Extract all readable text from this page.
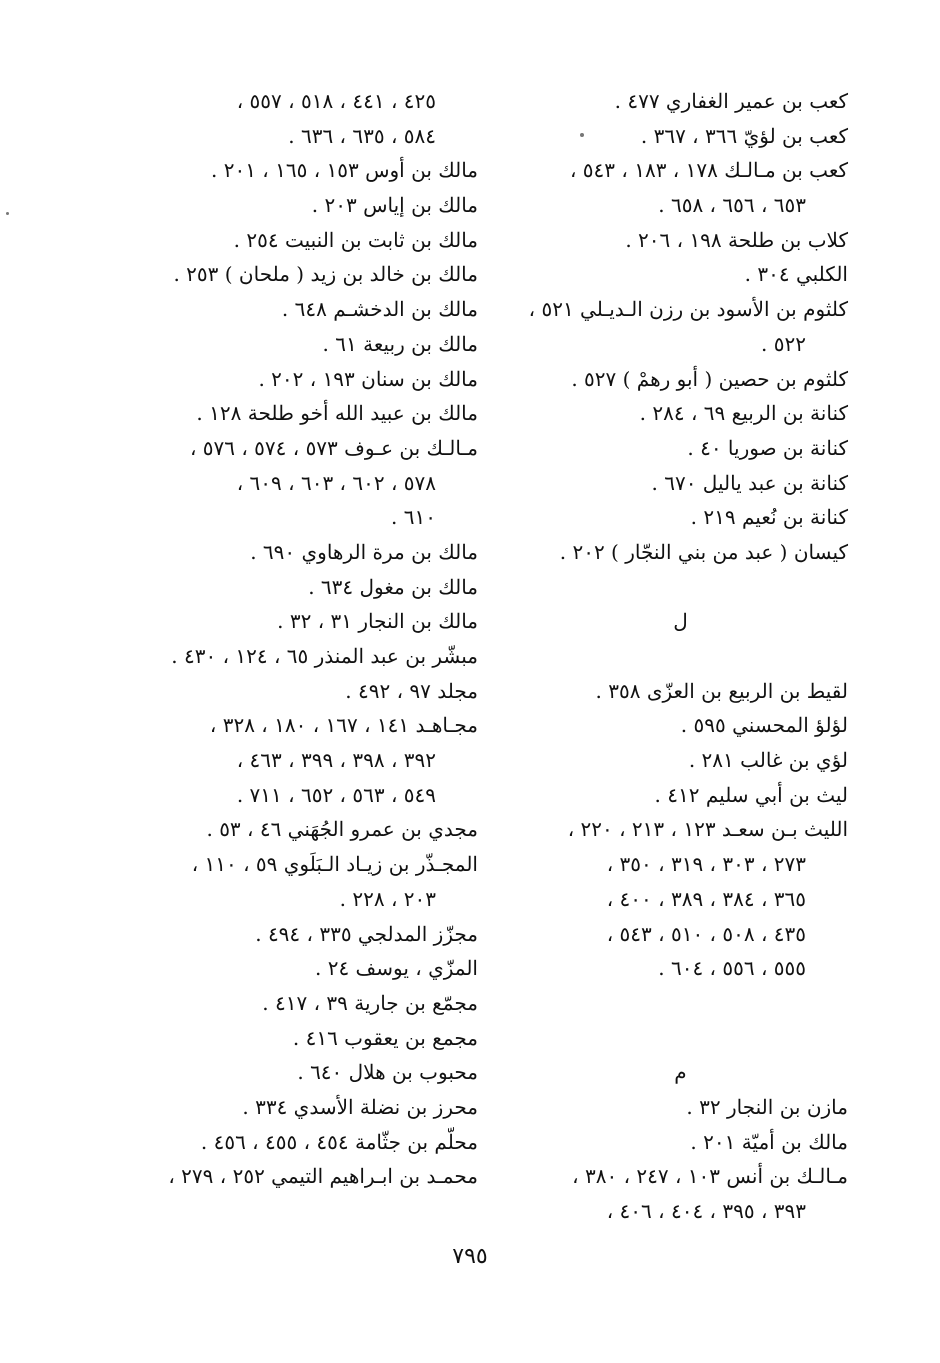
كعب بن عمير الغفاري ٤٧٧ .
كعب بن لؤيّ ٣٦٦ ، ٣٦٧ .
كعب بن مـالـك ١٧٨ ، ١٨٣ ، ٥٤٣ ،
٦٥٣ ، ٦٥٦ ، ٦٥٨ .
كلاب بن طلحة ١٩٨ ، ٢٠٦ .
الكلبي ٣٠٤ .
كلثوم بن الأسود بن رزن الـديـلي ٥٢١ ،
٥٢٢ .
كلثوم بن حصين ( أبو رهمْ ) ٥٢٧ .
كنانة بن الربيع ٦٩ ، ٢٨٤ .
كنانة بن صوريا ٤٠ .
كنانة بن عبد ياليل ٦٧٠ .
كنانة بن نُعيم ٢١٩ .
كيسان ( عبد من بني النجّار ) ٢٠٢ .
ل
لقيط بن الربيع بن العزّى ٣٥٨ .
لؤلؤ المحسني ٥٩٥ .
لؤي بن غالب ٢٨١ .
ليث بن أبي سليم ٤١٢ .
الليث بـن سعـد ١٢٣ ، ٢١٣ ، ٢٢٠ ،
٢٧٣ ، ٣٠٣ ، ٣١٩ ، ٣٥٠ ،
٣٦٥ ، ٣٨٤ ، ٣٨٩ ، ٤٠٠ ،
٤٣٥ ، ٥٠٨ ، ٥١٠ ، ٥٤٣ ،
٥٥٥ ، ٥٥٦ ، ٦٠٤ .
م
مازن بن النجار ٣٢ .
مالك بن أميّة ٢٠١ .
مـالـك بن أنس ١٠٣ ، ٢٤٧ ، ٣٨٠ ،
٣٩٣ ، ٣٩٥ ، ٤٠٤ ، ٤٠٦ ،
٤٢٥ ، ٤٤١ ، ٥١٨ ، ٥٥٧ ،
٥٨٤ ، ٦٣٥ ، ٦٣٦ .
مالك بن أوس ١٥٣ ، ١٦٥ ، ٢٠١ .
مالك بن إياس ٢٠٣ .
مالك بن ثابت بن النبيت ٢٥٤ .
مالك بن خالد بن زيد ( ملحان ) ٢٥٣ .
مالك بن الدخشـم ٦٤٨ .
مالك بن ربيعة ٦١ .
مالك بن سنان ١٩٣ ، ٢٠٢ .
مالك بن عبيد الله أخو طلحة ١٢٨ .
مـالـك بن عـوف ٥٧٣ ، ٥٧٤ ، ٥٧٦ ،
٥٧٨ ، ٦٠٢ ، ٦٠٣ ، ٦٠٩ ،
٦١٠ .
مالك بن مرة الرهاوي ٦٩٠ .
مالك بن مغول ٦٣٤ .
مالك بن النجار ٣١ ، ٣٢ .
مبشّر بن عبد المنذر ٦٥ ، ١٢٤ ، ٤٣٠ .
مجلد ٩٧ ، ٤٩٢ .
مجـاهـد ١٤١ ، ١٦٧ ، ١٨٠ ، ٣٢٨ ،
٣٩٢ ، ٣٩٨ ، ٣٩٩ ، ٤٦٣ ،
٥٤٩ ، ٥٦٣ ، ٦٥٢ ، ٧١١ .
مجدي بن عمرو الجُهَني ٤٦ ، ٥٣ .
المجـذّر بن زيـاد الـبَلَوي ٥٩ ، ١١٠ ،
٢٠٣ ، ٢٢٨ .
مجزّز المدلجي ٣٣٥ ، ٤٩٤ .
المزّي ، يوسف ٢٤ .
مجمّع بن جارية ٣٩ ، ٤١٧ .
مجمع بن يعقوب ٤١٦ .
محبوب بن هلال ٦٤٠ .
محرز بن نضلة الأسدي ٣٣٤ .
محلّم بن جثّامة ٤٥٤ ، ٤٥٥ ، ٤٥٦ .
محمـد بن ابـراهيم التيمي ٢٥٢ ، ٢٧٩ ،
٧٩٥
